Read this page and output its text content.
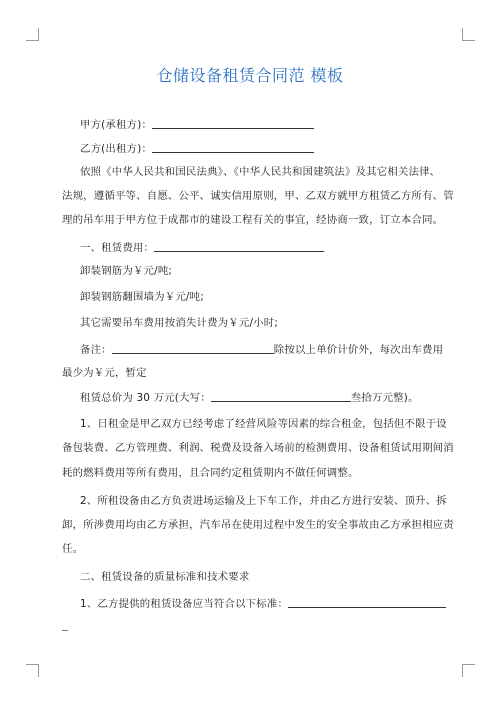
仓储设备租赁合同范 模板
甲方(承租方)：
乙方(出租方)：
依照《中华人民共和国民法典》、《中华人民共和国建筑法》及其它相关法律、
法规，遵循平等、自愿、公平、诚实信用原则，甲、乙双方就甲方租赁乙方所有、管
理的吊车用于甲方位于成都市的建设工程有关的事宜，经协商一致，订立本合同。
一、租赁费用：
卸装钢筋为￥元/吨;
卸装钢筋翻围墙为￥元/吨;
其它需要吊车费用按消失计费为￥元/小时;
备注：	除按以上单价计价外，每次出车费用
最少为￥元，暂定
租赁总价为 30 万元(大写：	叁拾万元整)。
1、日租金是甲乙双方已经考虑了经营风险等因素的综合租金，包括但不限于设
备包装费、乙方管理费、利润、税费及设备入场前的检测费用、设备租赁试用期间消
耗的燃料费用等所有费用，且合同约定租赁期内不做任何调整。
2、所租设备由乙方负责进场运输及上下车工作，并由乙方进行安装、顶升、拆
卸，所涉费用均由乙方承担，汽车吊在使用过程中发生的安全事故由乙方承担相应责
任。
二、租赁设备的质量标准和技术要求
1、乙方提供的租赁设备应当符合以下标准：
